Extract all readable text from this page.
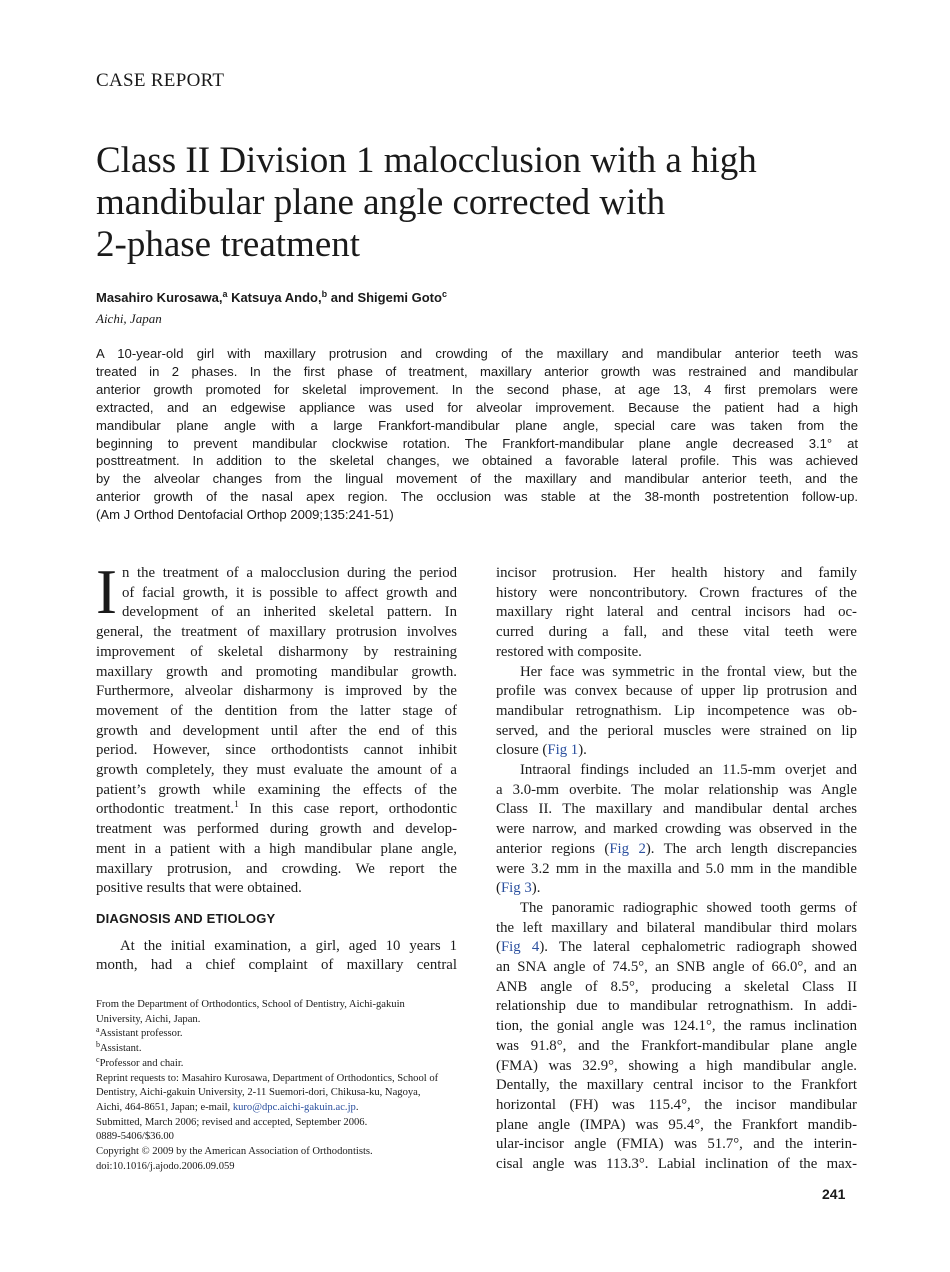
CASE REPORT
Class II Division 1 malocclusion with a high
mandibular plane angle corrected with
2-phase treatment
Masahiro Kurosawa,$^a$ Katsuya Ando,$^b$ and Shigemi Goto$^c$
Aichi, Japan
A 10-year-old girl with maxillary protrusion and crowding of the maxillary and mandibular anterior teeth was
treated in 2 phases. In the first phase of treatment, maxillary anterior growth was restrained and mandibular
anterior growth promoted for skeletal improvement. In the second phase, at age 13, 4 first premolars were
extracted, and an edgewise appliance was used for alveolar improvement. Because the patient had a high
mandibular plane angle with a large Frankfort-mandibular plane angle, special care was taken from the
beginning to prevent mandibular clockwise rotation. The Frankfort-mandibular plane angle decreased 3.1° at
posttreatment. In addition to the skeletal changes, we obtained a favorable lateral profile. This was achieved
by the alveolar changes from the lingual movement of the maxillary and mandibular anterior teeth, and the
anterior growth of the nasal apex region. The occlusion was stable at the 38-month postretention follow-up.
(Am J Orthod Dentofacial Orthop 2009;135:241-51)
I n the treatment of a malocclusion during the period
of facial growth, it is possible to affect growth and
development of an inherited skeletal pattern. In
general, the treatment of maxillary protrusion involves
improvement of skeletal disharmony by restraining
maxillary growth and promoting mandibular growth.
Furthermore, alveolar disharmony is improved by the
movement of the dentition from the latter stage of
growth and development until after the end of this
period. However, since orthodontists cannot inhibit
growth completely, they must evaluate the amount of a
patient’s growth while examining the effects of the
orthodontic treatment.$^1$ In this case report, orthodontic
treatment was performed during growth and develop-
ment in a patient with a high mandibular plane angle,
maxillary protrusion, and crowding. We report the
positive results that were obtained.
DIAGNOSIS AND ETIOLOGY
At the initial examination, a girl, aged 10 years 1
month, had a chief complaint of maxillary central
From the Department of Orthodontics, School of Dentistry, Aichi-gakuin
University, Aichi, Japan.
$^a$Assistant professor.
$^b$Assistant.
$^c$Professor and chair.
Reprint requests to: Masahiro Kurosawa, Department of Orthodontics, School of
Dentistry, Aichi-gakuin University, 2-11 Suemori-dori, Chikusa-ku, Nagoya,
Aichi, 464-8651, Japan; e-mail, kuro@dpc.aichi-gakuin.ac.jp.
Submitted, March 2006; revised and accepted, September 2006.
0889-5406/$36.00
Copyright © 2009 by the American Association of Orthodontists.
doi:10.1016/j.ajodo.2006.09.059
incisor protrusion. Her health history and family
history were noncontributory. Crown fractures of the
maxillary right lateral and central incisors had oc-
curred during a fall, and these vital teeth were
restored with composite.
Her face was symmetric in the frontal view, but the
profile was convex because of upper lip protrusion and
mandibular retrognathism. Lip incompetence was ob-
served, and the perioral muscles were strained on lip
closure (Fig 1).
Intraoral findings included an 11.5-mm overjet and
a 3.0-mm overbite. The molar relationship was Angle
Class II. The maxillary and mandibular dental arches
were narrow, and marked crowding was observed in the
anterior regions (Fig 2). The arch length discrepancies
were 3.2 mm in the maxilla and 5.0 mm in the mandible
(Fig 3).
The panoramic radiographic showed tooth germs of
the left maxillary and bilateral mandibular third molars
(Fig 4). The lateral cephalometric radiograph showed
an SNA angle of 74.5°, an SNB angle of 66.0°, and an
ANB angle of 8.5°, producing a skeletal Class II
relationship due to mandibular retrognathism. In addi-
tion, the gonial angle was 124.1°, the ramus inclination
was 91.8°, and the Frankfort-mandibular plane angle
(FMA) was 32.9°, showing a high mandibular angle.
Dentally, the maxillary central incisor to the Frankfort
horizontal (FH) was 115.4°, the incisor mandibular
plane angle (IMPA) was 95.4°, the Frankfort mandib-
ular-incisor angle (FMIA) was 51.7°, and the interin-
cisal angle was 113.3°. Labial inclination of the max-
241
